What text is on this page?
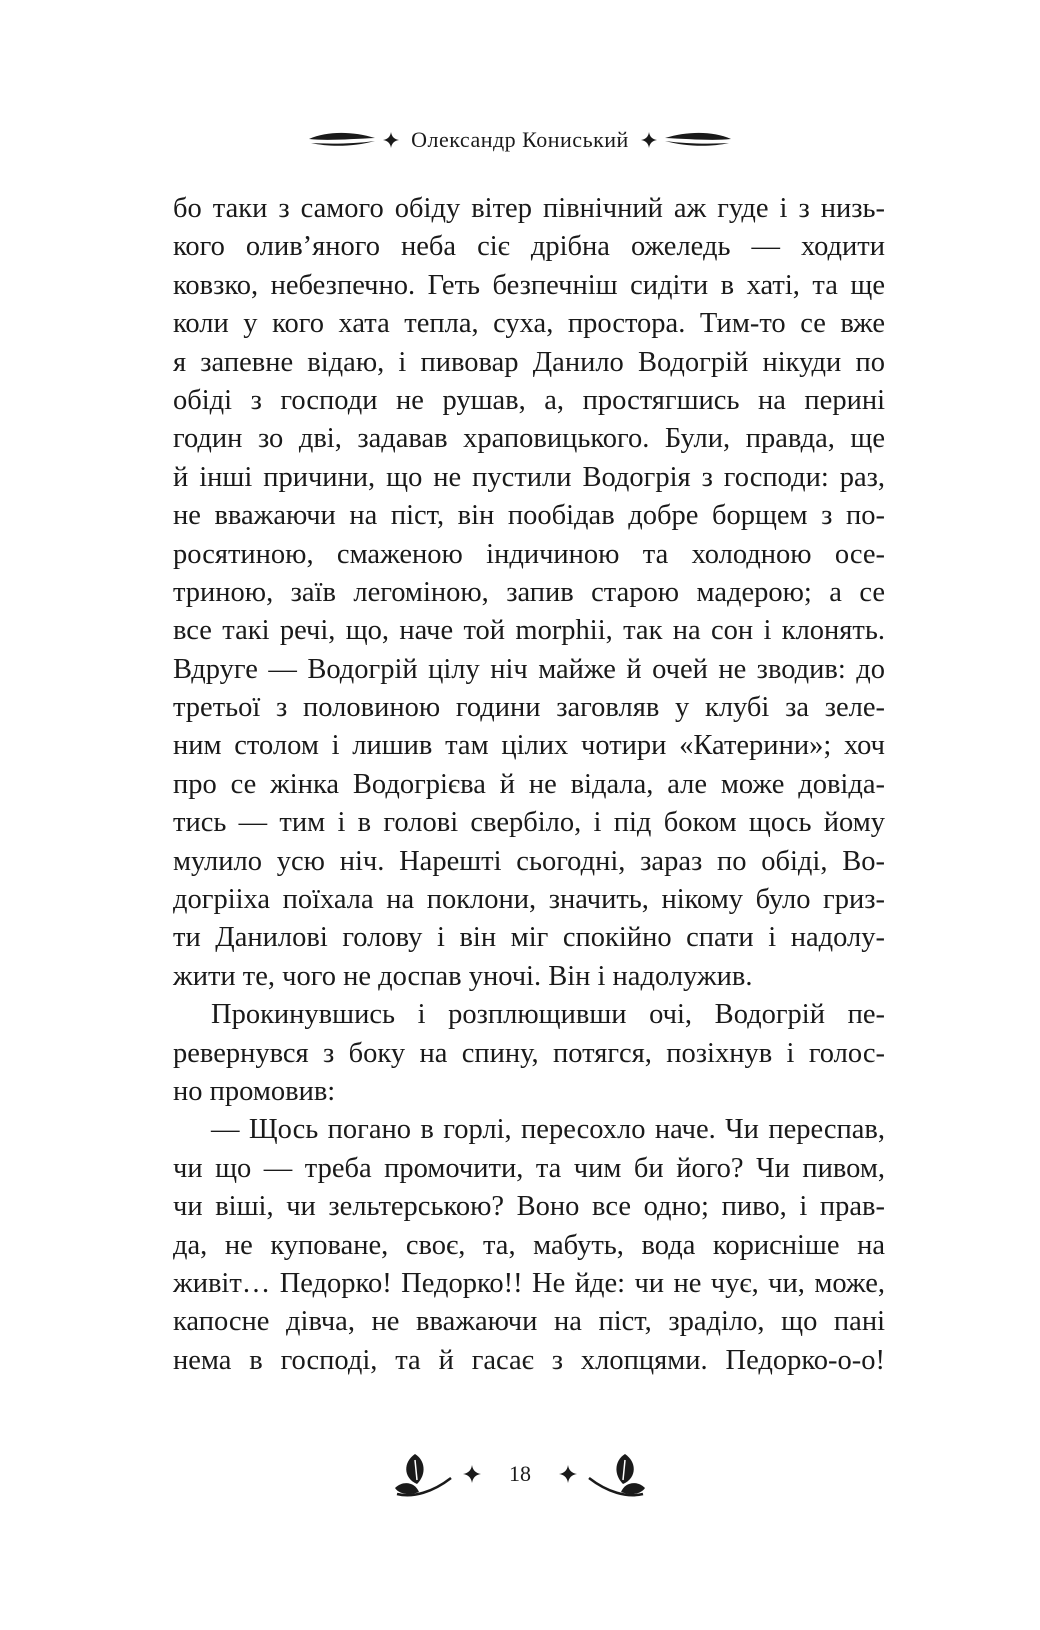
Олександр Кониський
бо таки з самого обіду вітер північний аж гуде і з низь-
кого олив’яного неба сіє дрібна ожеледь — ходити
ковзко, небезпечно. Геть безпечніш сидіти в хаті, та ще
коли у кого хата тепла, суха, простора. Тим-то се вже
я запевне відаю, і пивовар Данило Водогрій нікуди по
обіді з господи не рушав, а, простягшись на перині
годин зо дві, задавав храповицького. Були, правда, ще
й інші причини, що не пустили Водогрія з господи: раз,
не вважаючи на піст, він пообідав добре борщем з по-
росятиною, смаженою індичиною та холодною осе-
триною, заїв легоміною, запив старою мадерою; а се
все такі речі, що, наче той morphii, так на сон і клонять.
Вдруге — Водогрій цілу ніч майже й очей не зводив: до
третьої з половиною години заговляв у клубі за зеле-
ним столом і лишив там цілих чотири «Катерини»; хоч
про се жінка Водогрієва й не відала, але може довіда-
тись — тим і в голові свербіло, і під боком щось йому
мулило усю ніч. Нарешті сьогодні, зараз по обіді, Во-
догрііха поїхала на поклони, значить, нікому було гриз-
ти Данилові голову і він міг спокійно спати і надолу-
жити те, чого не доспав уночі. Він і надолужив.
Прокинувшись і розплющивши очі, Водогрій пе-
ревернувся з боку на спину, потягся, позіхнув і голос-
но промовив:
— Щось погано в горлі, пересохло наче. Чи переспав,
чи що — треба промочити, та чим би його? Чи пивом,
чи віші, чи зельтерською? Воно все одно; пиво, і прав-
да, не куповане, своє, та, мабуть, вода корисніше на
живіт… Педорко! Педорко!! Не йде: чи не чує, чи, може,
капосне дівча, не вважаючи на піст, зраділо, що пані
нема в господі, та й гасає з хлопцями. Педорко-о-о!
18
